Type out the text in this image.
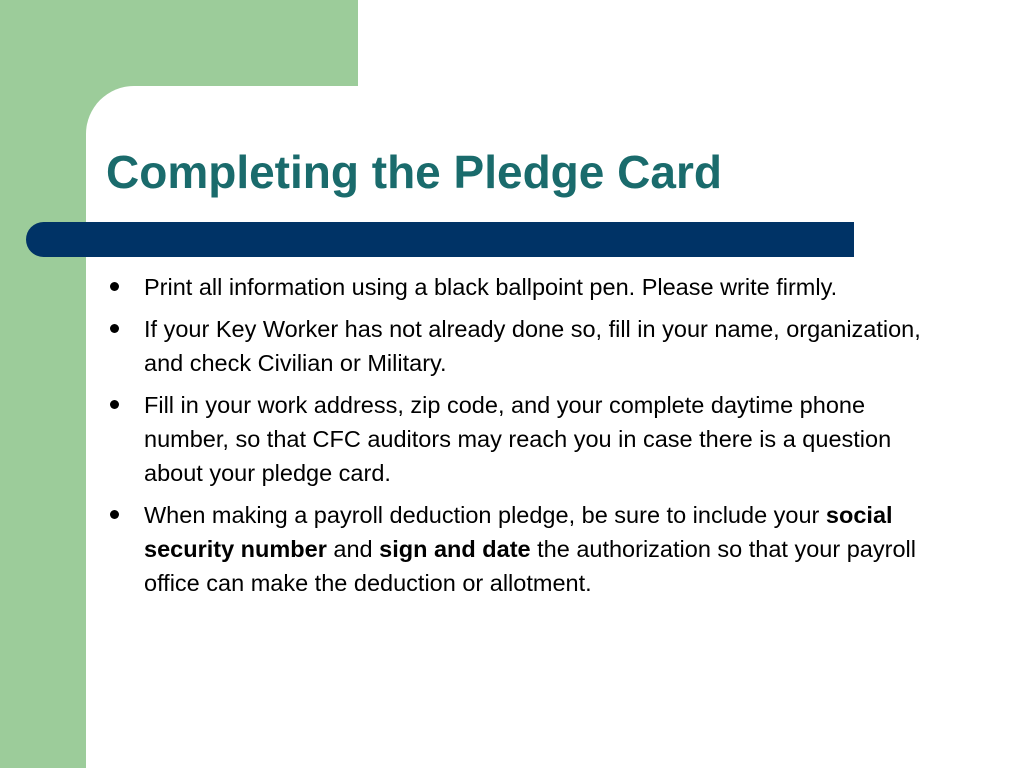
Completing the Pledge Card
Print all information using a black ballpoint pen. Please write firmly.
If your Key Worker has not already done so, fill in your name, organization, and check Civilian or Military.
Fill in your work address, zip code, and your complete daytime phone number, so that CFC auditors may reach you in case there is a question about your pledge card.
When making a payroll deduction pledge, be sure to include your social security number and sign and date the authorization so that your payroll office can make the deduction or allotment.
